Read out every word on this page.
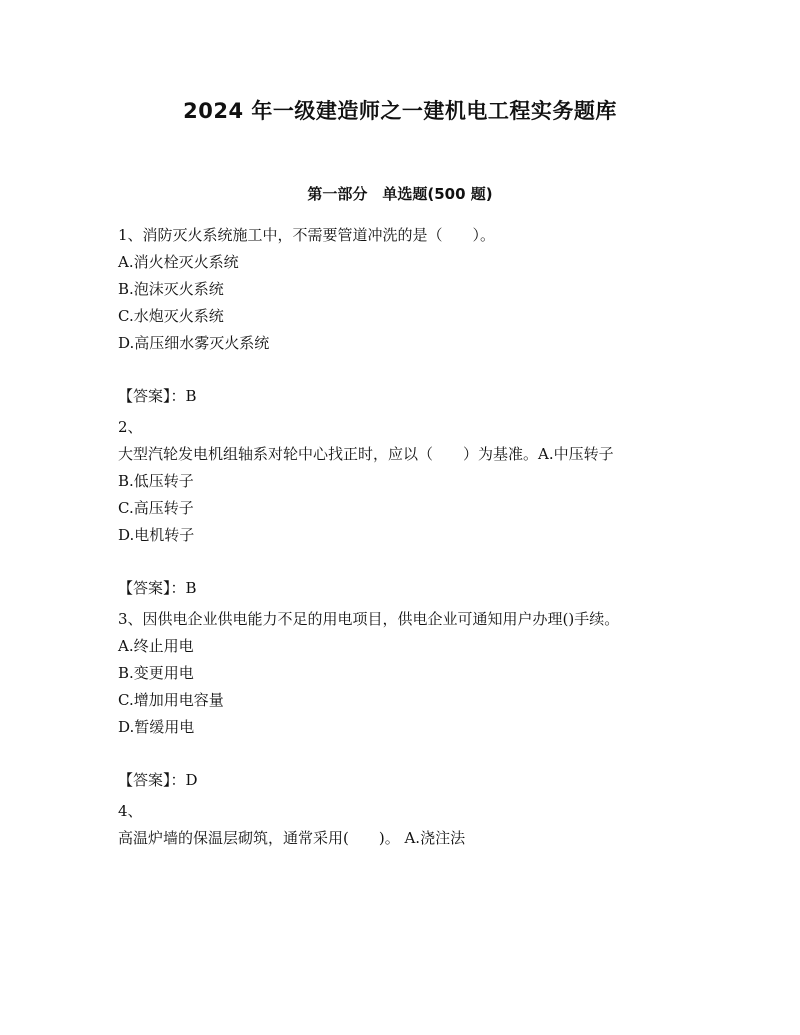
2024 年一级建造师之一建机电工程实务题库
第一部分　单选题(500 题)
1、消防灭火系统施工中，不需要管道冲洗的是（　　）。
A.消火栓灭火系统
B.泡沫灭火系统
C.水炮灭火系统
D.高压细水雾灭火系统
【答案】：B
2、
大型汽轮发电机组轴系对轮中心找正时，应以（　　）为基准。A.中压转子
B.低压转子
C.高压转子
D.电机转子
【答案】：B
3、因供电企业供电能力不足的用电项目，供电企业可通知用户办理()手续。
A.终止用电
B.变更用电
C.增加用电容量
D.暂缓用电
【答案】：D
4、
高温炉墙的保温层砌筑，通常采用(　　)。 A.浇注法
